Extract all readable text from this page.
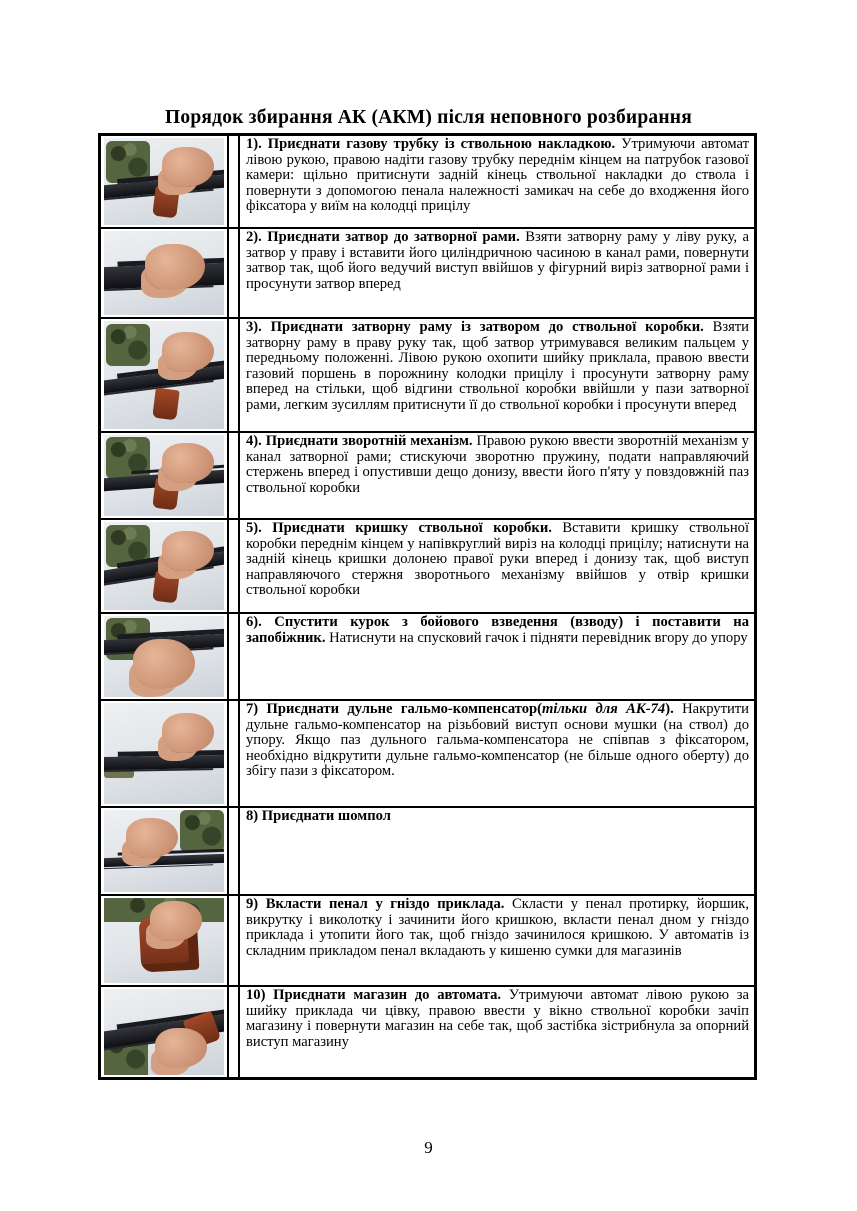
Порядок збирання АК (АКМ) після неповного розбирання

1). Приєднати газову трубку із ствольною накладкою. Утримуючи автомат лівою рукою, правою надіти газову трубку переднім кінцем на патрубок газової камери: щільно притиснути задній кінець ствольної накладки до ствола і повернути з допомогою пенала належності замикач на себе до входження його фіксатора у виїм на колодці прицілу

2). Приєднати затвор до затворної рами. Взяти затворну раму у ліву руку, а затвор у праву і вставити його циліндричною часиною в канал рами, повернути затвор так, щоб його ведучий виступ ввійшов у фігурний виріз затворної рами і просунути затвор вперед

3). Приєднати затворну раму із затвором до ствольної коробки. Взяти затворну раму в праву руку так, щоб затвор утримувався великим пальцем у передньому положенні. Лівою рукою охопити шийку приклала, правою ввести газовий поршень в порожнину колодки прицілу і просунути затворну раму вперед на стільки, щоб відгини ствольної коробки ввійшли у пази затворної рами, легким зусиллям притиснути її до ствольної коробки і просунути вперед

4). Приєднати зворотній механізм. Правою рукою ввести зворотній механізм у канал затворної рами; стискуючи зворотню пружину, подати направляючий стержень вперед і опустивши дещо донизу, ввести його п'яту у повздовжній паз ствольної коробки

5). Приєднати кришку ствольної коробки. Вставити кришку ствольної коробки переднім кінцем у напівкруглий виріз на колодці прицілу; натиснути на задній кінець кришки долонею правої руки вперед і донизу так, щоб виступ направляючого стержня зворотнього механізму ввійшов у отвір кришки ствольної коробки

6). Спустити курок з бойового взведення (взводу) і поставити на запобіжник. Натиснути на спусковий гачок і підняти перевідник вгору до упору

7) Приєднати дульне гальмо-компенсатор(тільки для АК-74). Накрутити дульне гальмо-компенсатор на різьбовий виступ основи мушки (на ствол) до упору. Якщо паз дульного гальма-компенсатора не співпав з фіксатором, необхідно відкрутити дульне гальмо-компенсатор (не більше одного оберту) до збігу пази з фіксатором.

8) Приєднати шомпол

9) Вкласти пенал у гніздо приклада. Скласти у пенал протирку, йоршик, викрутку і виколотку і зачинити його кришкою, вкласти пенал дном у гніздо приклада і утопити його так, щоб гніздо зачинилося кришкою. У автоматів із складним прикладом пенал вкладають у кишеню сумки для магазинів

10) Приєднати магазин до автомата. Утримуючи автомат лівою рукою за шийку приклада чи цівку, правою ввести у вікно ствольної коробки зачіп магазину і повернути магазин на себе так, щоб застібка зістрибнула за опорний виступ магазину

9
